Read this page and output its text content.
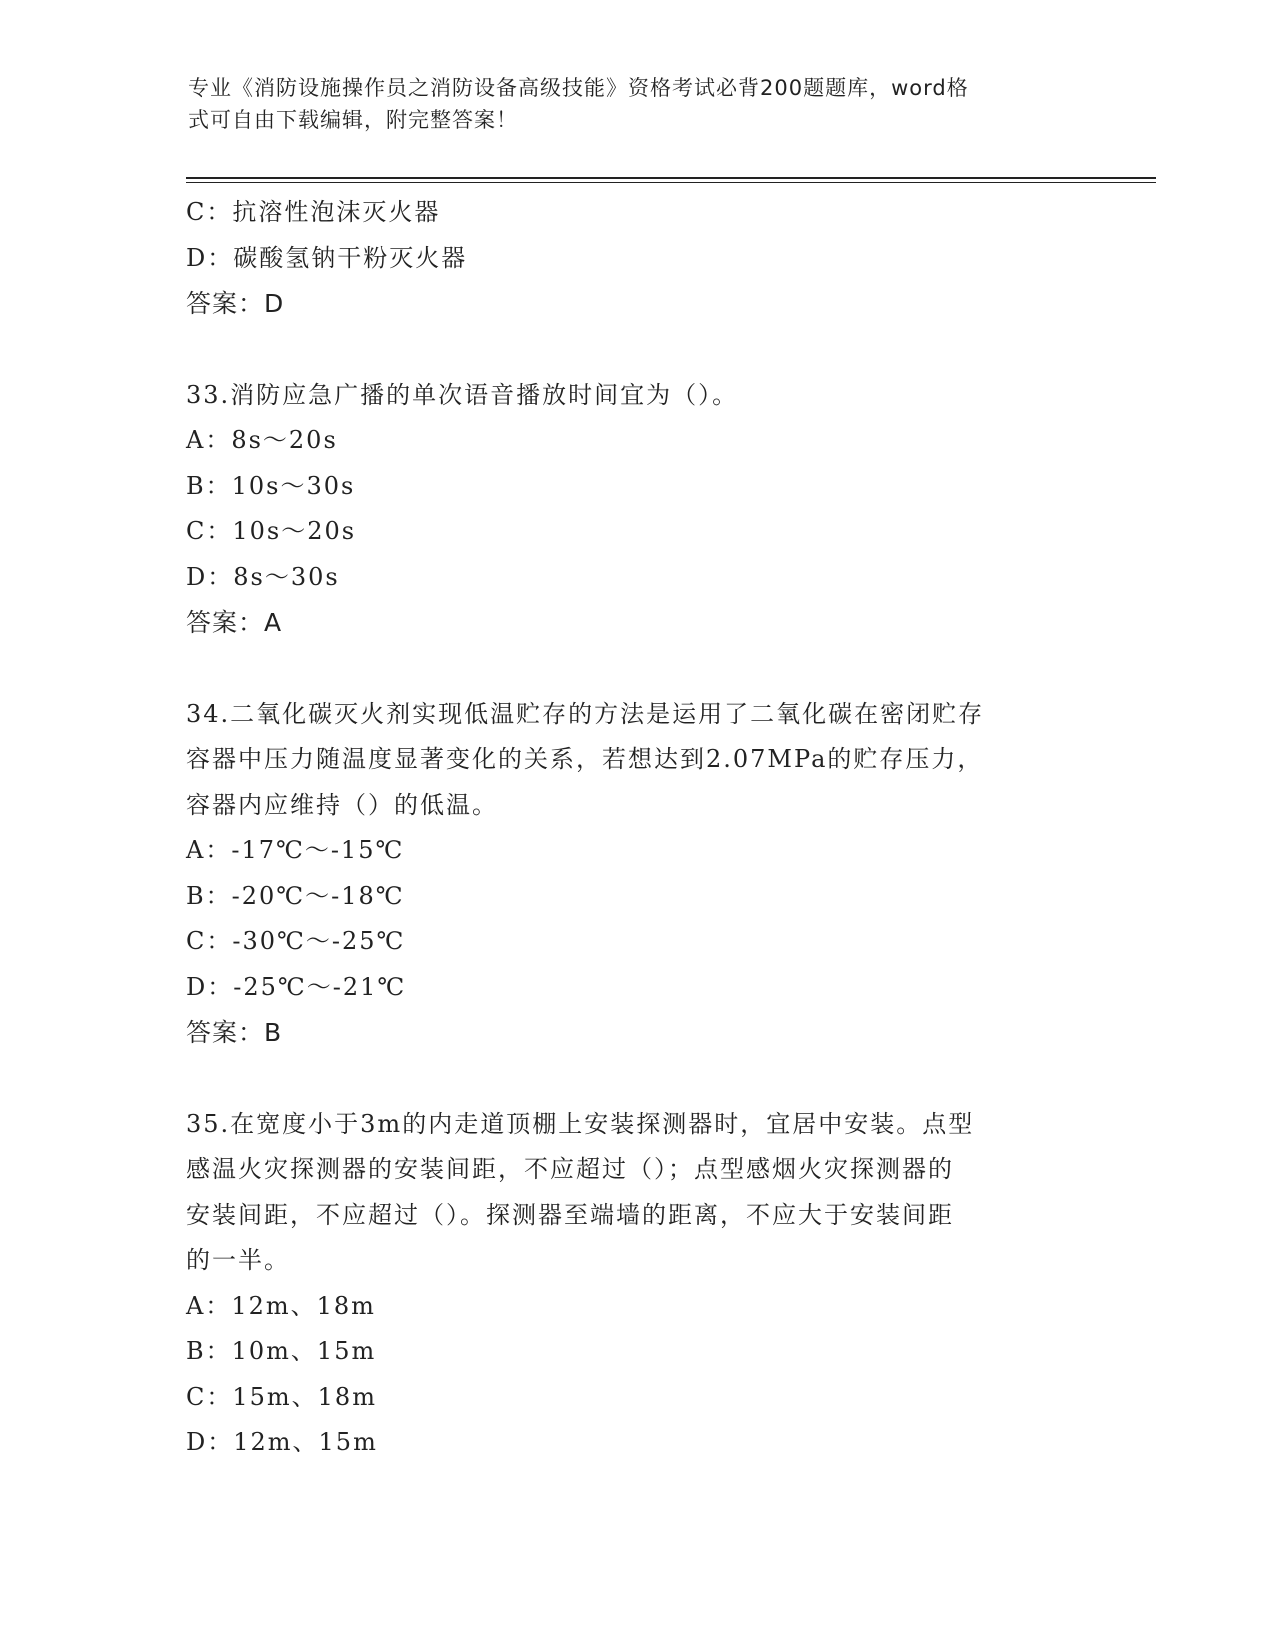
专业《消防设施操作员之消防设备高级技能》资格考试必背200题题库，word格
式可自由下载编辑，附完整答案！
C：抗溶性泡沫灭火器
D：碳酸氢钠干粉灭火器
答案：D
33.消防应急广播的单次语音播放时间宜为（）。
A：8s～20s
B：10s～30s
C：10s～20s
D：8s～30s
答案：A
34.二氧化碳灭火剂实现低温贮存的方法是运用了二氧化碳在密闭贮存
容器中压力随温度显著变化的关系，若想达到2.07MPa的贮存压力，
容器内应维持（）的低温。
A：-17℃～-15℃
B：-20℃～-18℃
C：-30℃～-25℃
D：-25℃～-21℃
答案：B
35.在宽度小于3m的内走道顶棚上安装探测器时，宜居中安装。点型
感温火灾探测器的安装间距，不应超过（）；点型感烟火灾探测器的
安装间距，不应超过（）。探测器至端墙的距离，不应大于安装间距
的一半。
A：12m、18m
B：10m、15m
C：15m、18m
D：12m、15m
